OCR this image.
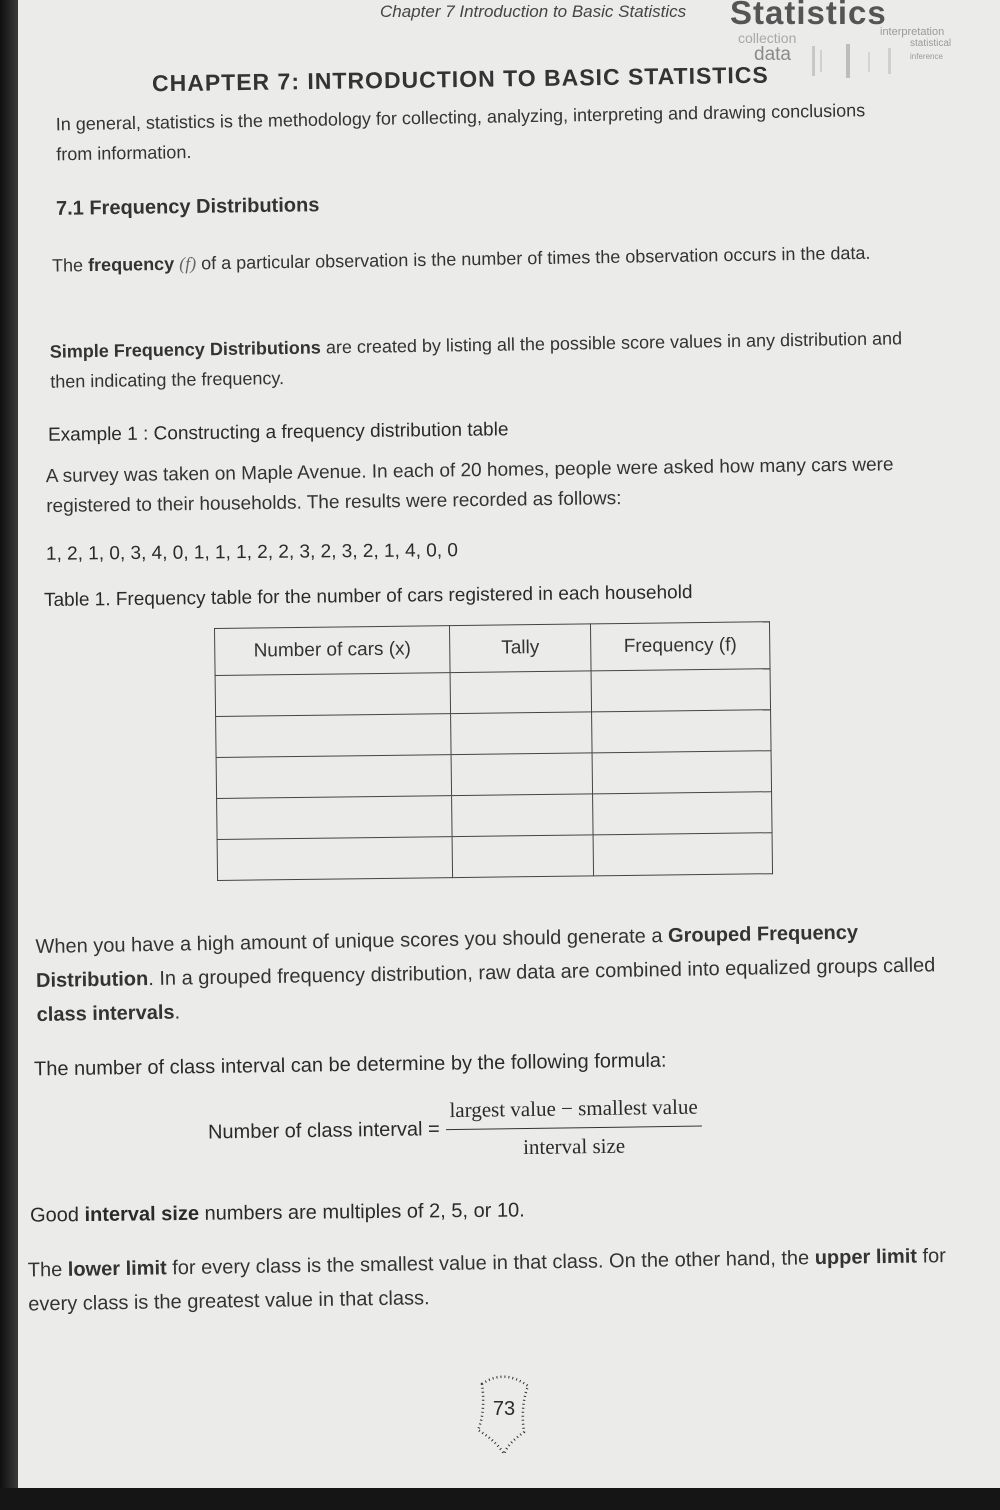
Chapter 7 Introduction to Basic Statistics Statistics
collection	interpretation
statistical
data	inference
CHAPTER 7: INTRODUCTION TO BASIC STATISTICS
In general, statistics is the methodology for collecting, analyzing, interpreting and drawing conclusions from information.
7.1 Frequency Distributions
The frequency (f) of a particular observation is the number of times the observation occurs in the data.
Simple Frequency Distributions are created by listing all the possible score values in any distribution and then indicating the frequency.
Example 1 : Constructing a frequency distribution table
A survey was taken on Maple Avenue. In each of 20 homes, people were asked how many cars were registered to their households. The results were recorded as follows:
1, 2, 1, 0, 3, 4, 0, 1, 1, 1, 2, 2, 3, 2, 3, 2, 1, 4, 0, 0
Table 1. Frequency table for the number of cars registered in each household
Number of cars (x)	Tally	Frequency (f)

When you have a high amount of unique scores you should generate a Grouped Frequency Distribution. In a grouped frequency distribution, raw data are combined into equalized groups called class intervals.
The number of class interval can be determine by the following formula:
Number of class interval = $\frac{\text{largest value − smallest value}}{\text{interval size}}$
Good interval size numbers are multiples of 2, 5, or 10.
The lower limit for every class is the smallest value in that class. On the other hand, the upper limit for every class is the greatest value in that class.
73
